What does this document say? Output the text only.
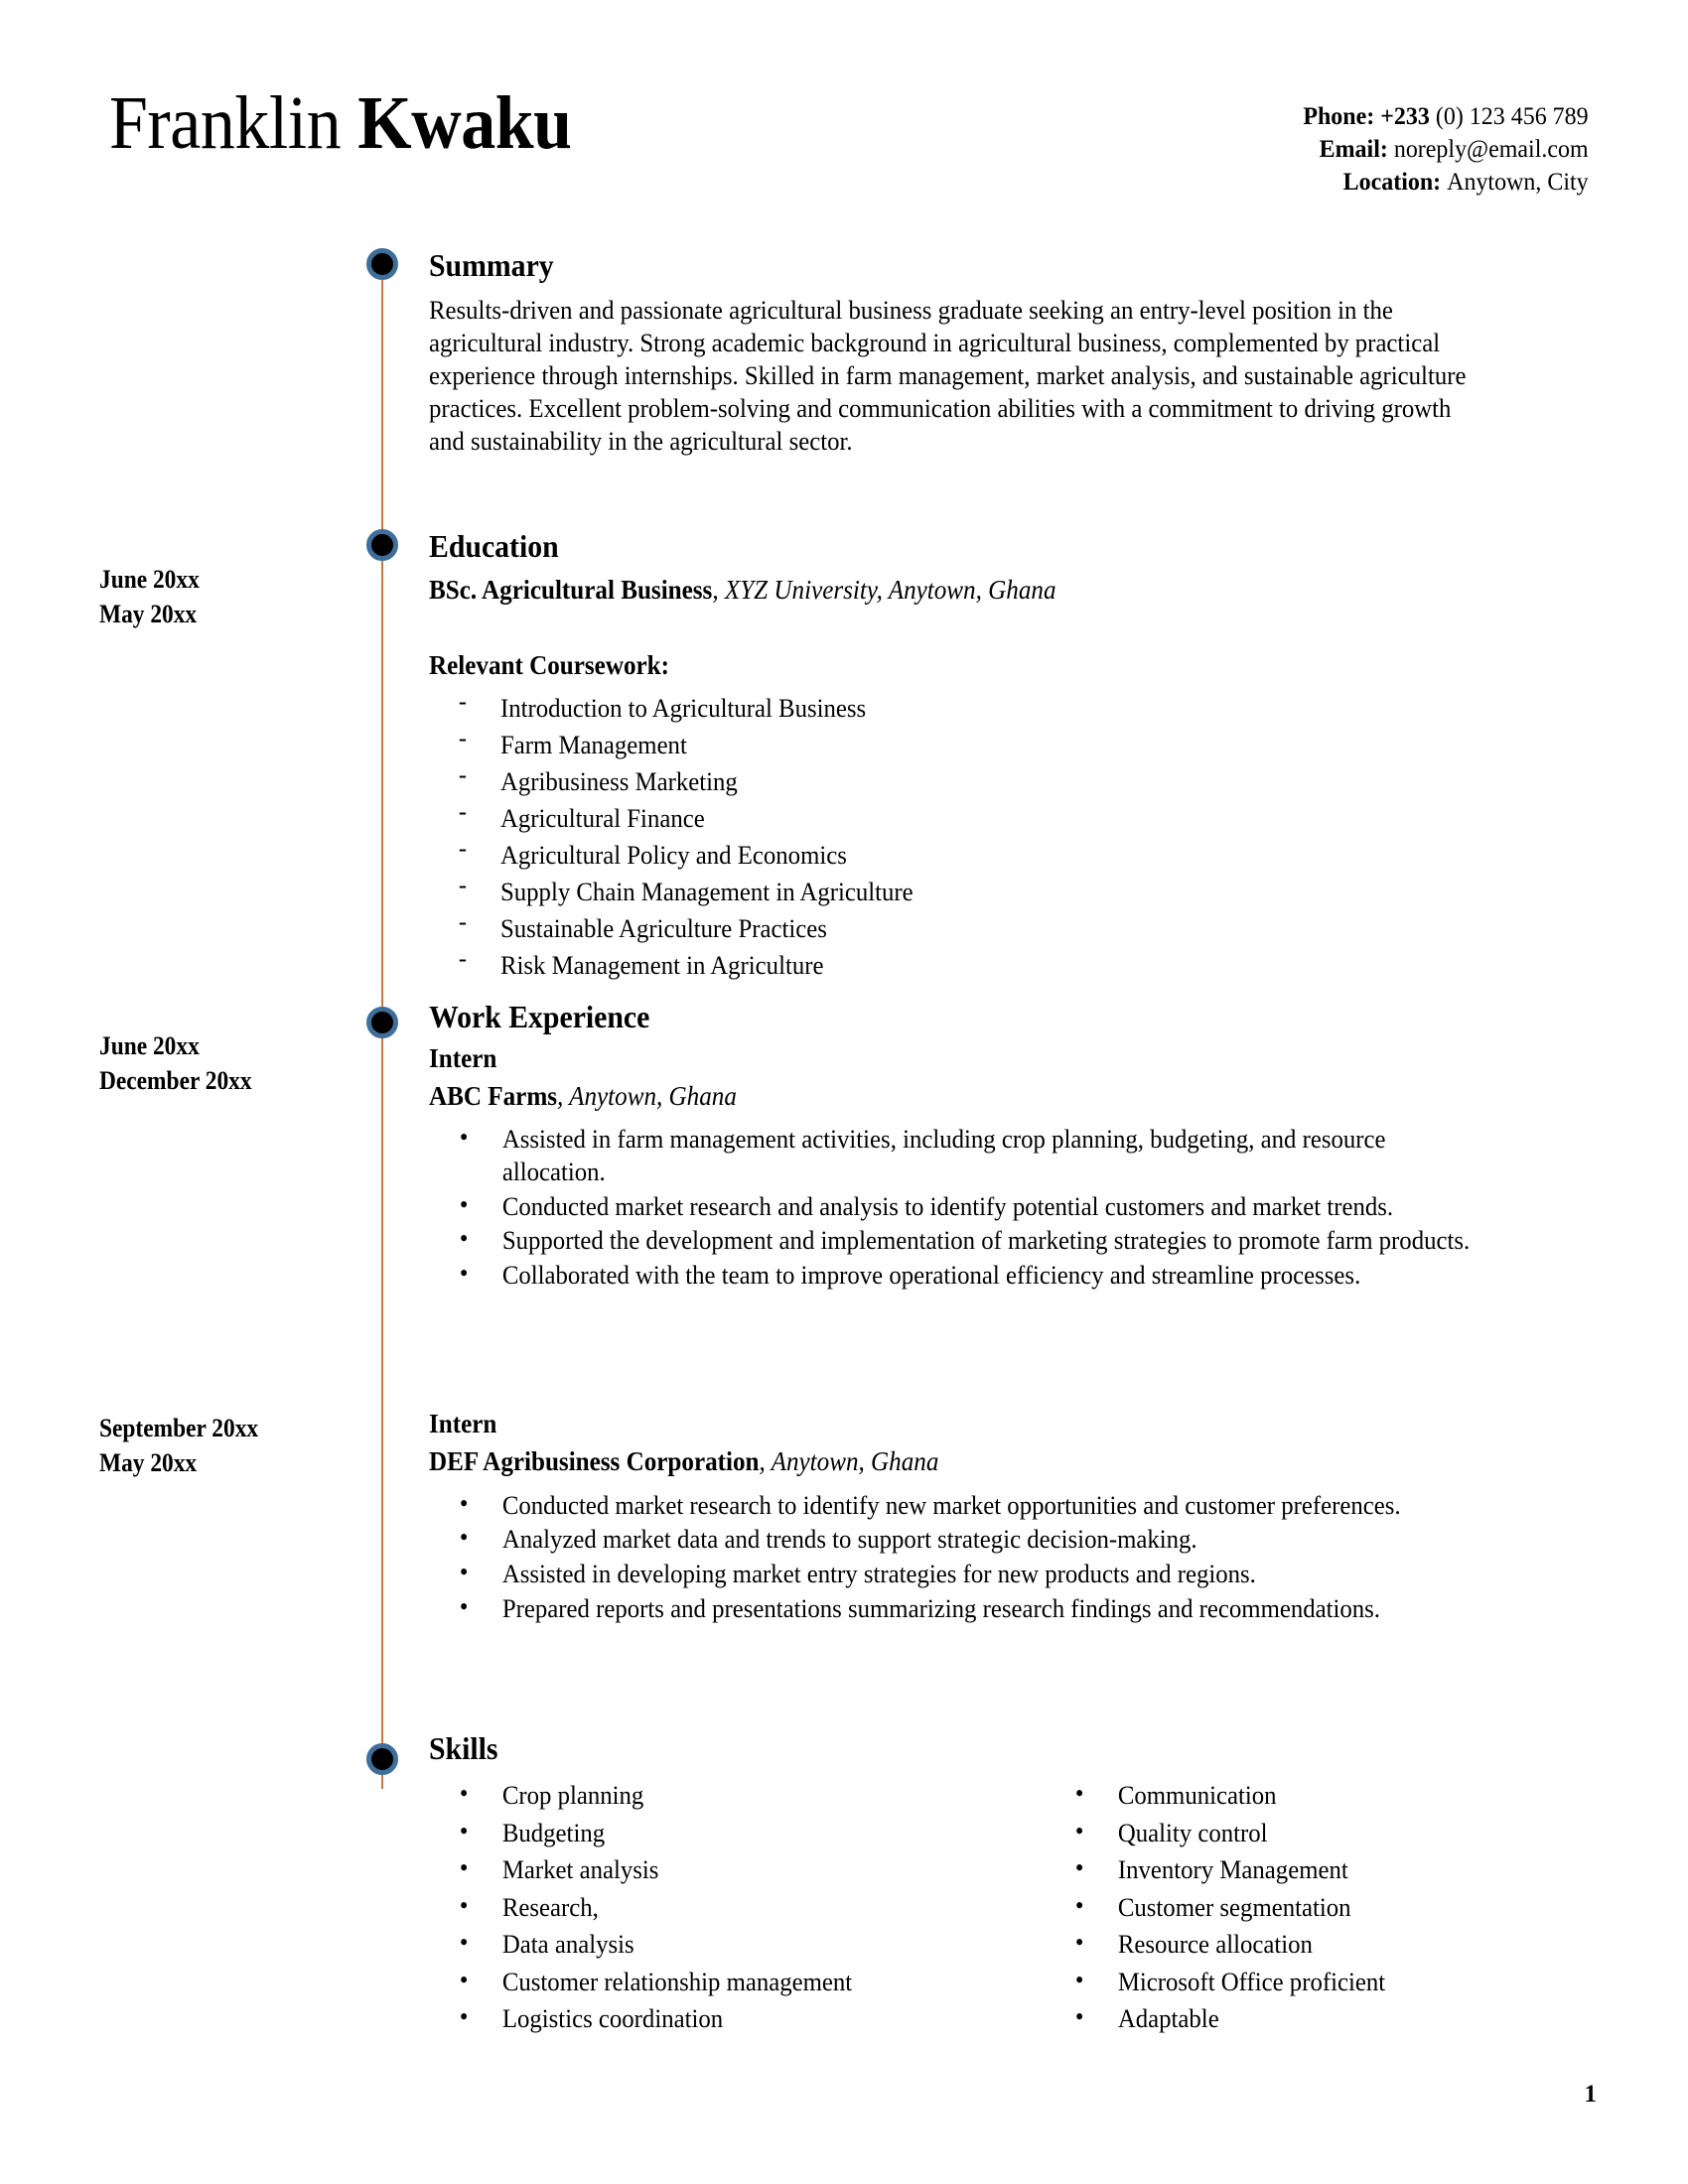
Franklin Kwaku	Phone: +233 (0) 123 456 789
Email: noreply@email.com
Location: Anytown, City
Summary

Results-driven and passionate agricultural business graduate seeking an entry-level position in the agricultural industry. Strong academic background in agricultural business, complemented by practical experience through internships. Skilled in farm management, market analysis, and sustainable agriculture practices. Excellent problem-solving and communication abilities with a commitment to driving growth and sustainability in the agricultural sector.

June 20xx
May 20xx
Education

BSc. Agricultural Business, XYZ University, Anytown, Ghana

Relevant Coursework:

- Introduction to Agricultural Business
- Farm Management
- Agribusiness Marketing
- Agricultural Finance
- Agricultural Policy and Economics
- Supply Chain Management in Agriculture
- Sustainable Agriculture Practices
- Risk Management in Agriculture
June 20xx
December 20xx
Work Experience

Intern

ABC Farms, Anytown, Ghana

• Assisted in farm management activities, including crop planning, budgeting, and resource allocation.
• Conducted market research and analysis to identify potential customers and market trends.
• Supported the development and implementation of marketing strategies to promote farm products.
• Collaborated with the team to improve operational efficiency and streamline processes.
September 20xx
May 20xx

Intern

DEF Agribusiness Corporation, Anytown, Ghana

• Conducted market research to identify new market opportunities and customer preferences.
• Analyzed market data and trends to support strategic decision-making.
• Assisted in developing market entry strategies for new products and regions.
• Prepared reports and presentations summarizing research findings and recommendations.
Skills
• Crop planning
• Budgeting
• Market analysis
• Research,
• Data analysis
• Customer relationship management
• Logistics coordination
• Communication
• Quality control
• Inventory Management
• Customer segmentation
• Resource allocation
• Microsoft Office proficient
• Adaptable
1
